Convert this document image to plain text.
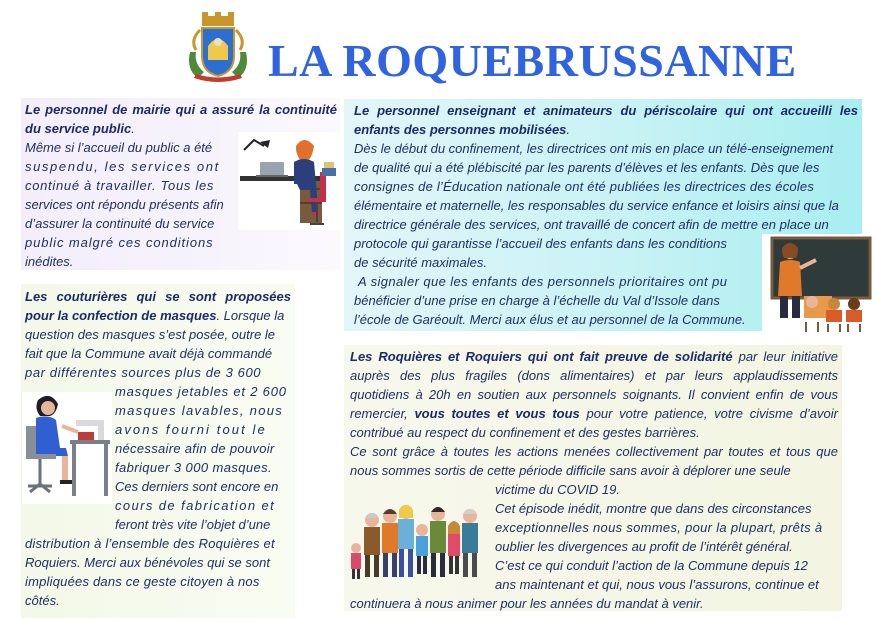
LA ROQUEBRUSSANNE

Le personnel de mairie qui a assuré la continuité du service public.

Même si l’accueil du public a été

suspendu, les services ont

continué à travailler. Tous les

services ont répondu présents afin

d’assurer la continuité du service

public malgré ces conditions

inédites.

Le personnel enseignant et animateurs du périscolaire qui ont accueilli les enfants des personnes mobilisées.

Dès le début du confinement, les directrices ont mis en place un télé-enseignement

de qualité qui a été plébiscité par les parents d’élèves et les enfants. Dès que les

consignes de l’Éducation nationale ont été publiées les directrices des écoles

élémentaire et maternelle, les responsables du service enfance et loisirs ainsi que la

directrice générale des services, ont travaillé de concert afin de mettre en place un

protocole qui garantisse l’accueil des enfants dans les conditions

de sécurité maximales.

A signaler que les enfants des personnels prioritaires ont pu

bénéficier d’une prise en charge à l’échelle du Val d’Issole dans

l’école de Garéoult. Merci aux élus et au personnel de la Commune.

Les couturières qui se sont proposées pour la confection de masques. Lorsque la

question des masques s’est posée, outre le

fait que la Commune avait déjà commandé

par différentes sources plus de 3 600

masques jetables et 2 600

masques lavables, nous

avons fourni tout le

nécessaire afin de pouvoir

fabriquer 3 000 masques.

Ces derniers sont encore en

cours de fabrication et

feront très vite l’objet d’une

distribution à l’ensemble des Roquières et

Roquiers. Merci aux bénévoles qui se sont

impliquées dans ce geste citoyen à nos

côtés.

Les Roquières et Roquiers qui ont fait preuve de solidarité par leur initiative auprès des plus fragiles (dons alimentaires) et par leurs applaudissements quotidiens à 20h en soutien aux personnels soignants. Il convient enfin de vous remercier, vous toutes et vous tous pour votre patience, votre civisme d’avoir contribué au respect du confinement et des gestes barrières.

Ce sont grâce à toutes les actions menées collectivement par toutes et tous que nous sommes sortis de cette période difficile sans avoir à déplorer une seule

victime du COVID 19.

Cet épisode inédit, montre que dans des circonstances

exceptionnelles nous sommes, pour la plupart, prêts à

oublier les divergences au profit de l’intérêt général.

C’est ce qui conduit l’action de la Commune depuis 12

ans maintenant et qui, nous vous l’assurons, continue et

continuera à nous animer pour les années du mandat à venir.
